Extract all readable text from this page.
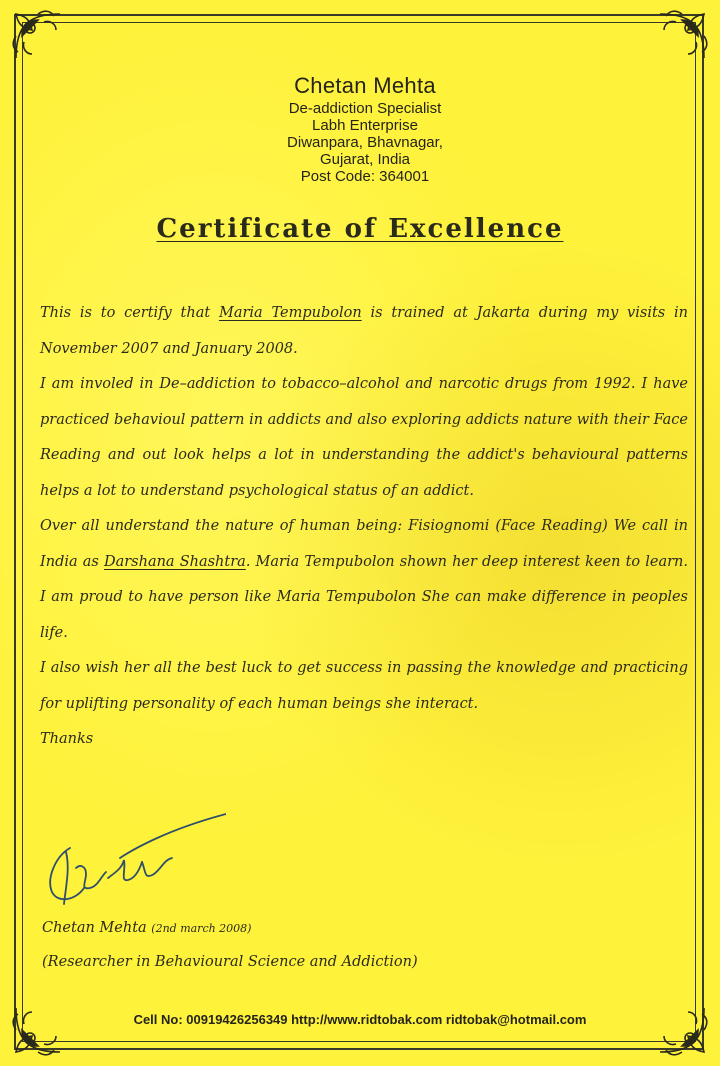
Chetan Mehta
De-addiction Specialist
Labh Enterprise
Diwanpara, Bhavnagar,
Gujarat, India
Post Code: 364001
Certificate of Excellence

This is to certify that Maria Tempubolon is trained at Jakarta during my visits in November 2007 and January 2008.

I am involed in De–addiction to tobacco–alcohol and narcotic drugs from 1992. I have practiced behavioul pattern in addicts and also exploring addicts nature with their Face Reading and out look helps a lot in understanding the addict's behavioural patterns helps a lot to understand psychological status of an addict.

Over all understand the nature of human being: Fisiognomi (Face Reading) We call in India as Darshana Shashtra. Maria Tempubolon shown her deep interest keen to learn. I am proud to have person like Maria Tempubolon She can make difference in peoples life.

I also wish her all the best luck to get success in passing the knowledge and practicing for uplifting personality of each human beings she interact.

Thanks

Chetan Mehta (2nd march 2008)
(Researcher in Behavioural Science and Addiction)
Cell No: 00919426256349 http://www.ridtobak.com ridtobak@hotmail.com
